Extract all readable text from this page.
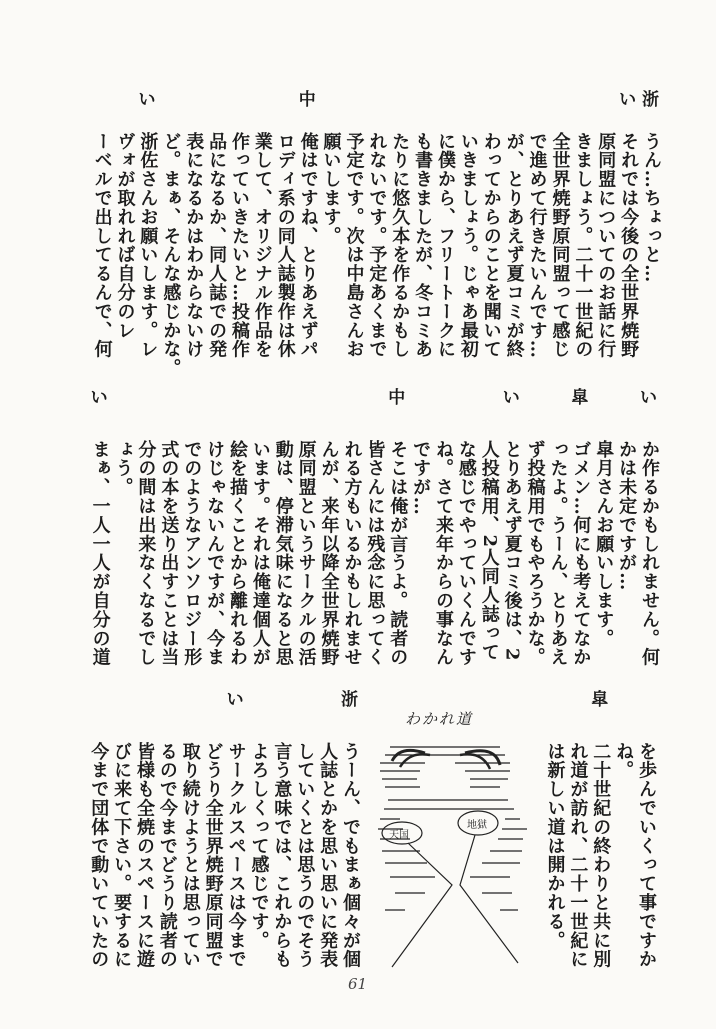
浙
うん…ちょっと…
い
それでは今後の全世界焼野
原同盟についてのお話に行
きましょう。二十一世紀の
全世界焼野原同盟って感じ
で進めて行きたいんです…
が、とりあえず夏コミが終
わってからのことを聞いて
いきましょう。じゃあ最初
に僕から、フリートークに
も書きましたが、冬コミあ
たりに悠久本を作るかもし
れないです。予定あくまで
予定です。次は中島さんお
願いします。
中
俺はですね、とりあえずパ
ロディ系の同人誌製作は休
業して、オリジナル作品を
作っていきたいと…投稿作
品になるか、同人誌での発
表になるかはわからないけ
ど。まぁ、そんな感じかな。
い
浙佐さんお願いします。レ
ヴォが取れれば自分のレ
ーベルで出してるんで、何
い
か作るかもしれません。何
かは未定ですが…
皐月さんお願いします。
皐
ゴメン…何にも考えてなか
ったよ。うーん、とりあえ
ず投稿用でもやろうかな。
い
とりあえず夏コミ後は、2
人投稿用、2人同人誌って
な感じでやっていくんです
ね。さて来年からの事なん
ですが…
中
そこは俺が言うよ。読者の
皆さんには残念に思ってく
れる方もいるかもしれませ
んが、来年以降全世界焼野
原同盟というサークルの活
動は、停滞気味になると思
います。それは俺達個人が
絵を描くことから離れるわ
けじゃないんですが、今ま
でのようなアンソロジー形
式の本を送り出すことは当
分の間は出来なくなるでし
ょう。
い
まぁ、一人一人が自分の道
を歩んでいくって事ですか
ね。
皐
二十世紀の終わりと共に別
れ道が訪れ、二十一世紀に
は新しい道は開かれる。
浙
うーん、でもまぁ個々が個
人誌とかを思い思いに発表
していくとは思うのでそう
言う意味では、これからも
よろしくって感じです。
い
サークルスペースは今まで
どうり全世界焼野原同盟で
取り続けようとは思ってい
るので今までどうり読者の
皆様も全焼のスペースに遊
びに来て下さい。要するに
今まで団体で動いていたの
わかれ道
天国
地獄
61
